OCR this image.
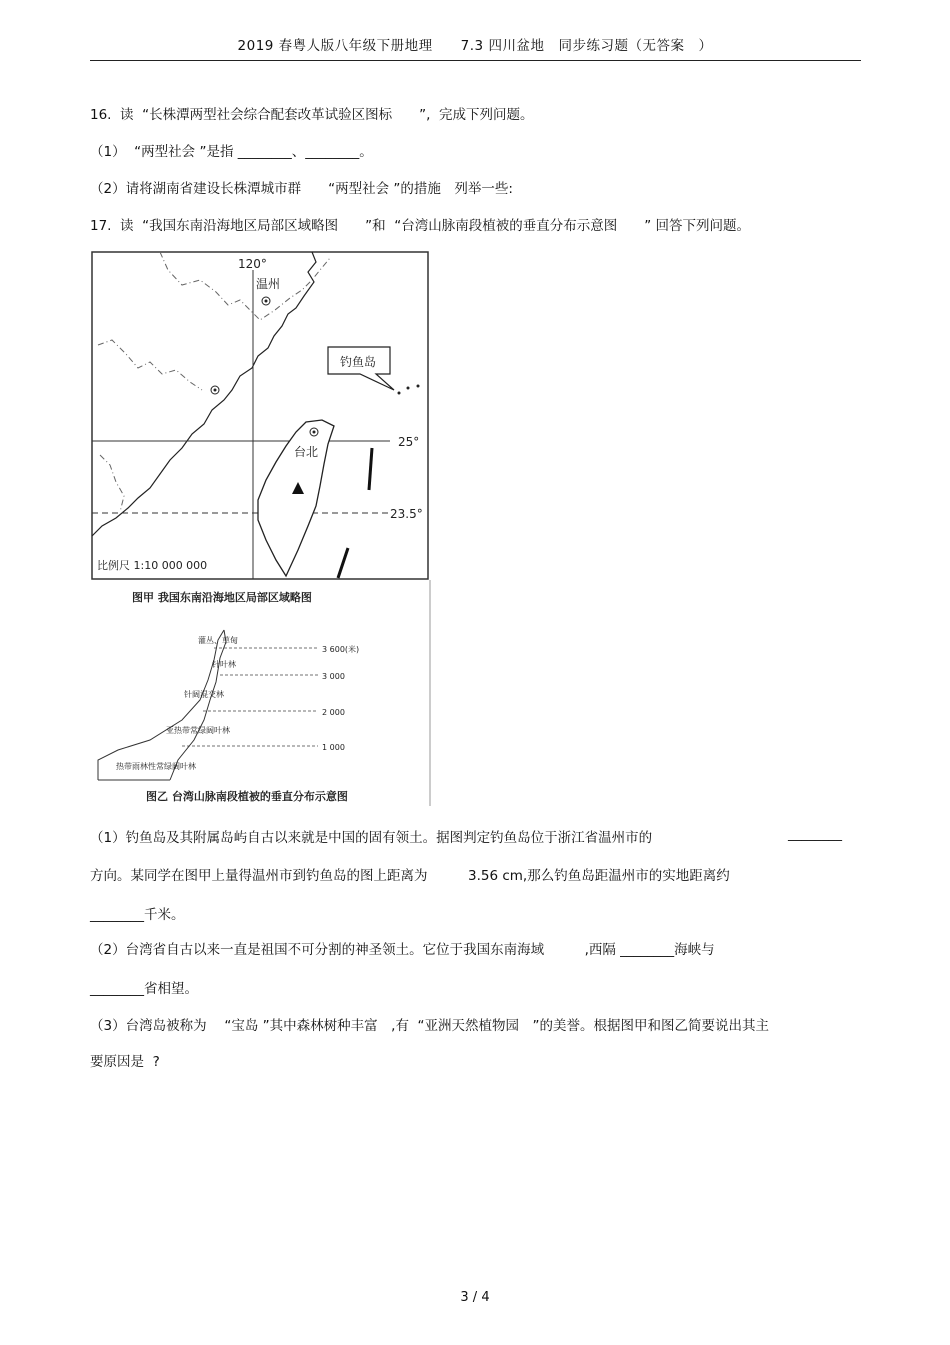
2019 春粤人版八年级下册地理　　7.3 四川盆地　同步练习题（无答案　）
16.  读  “长株潭两型社会综合配套改革试验区图标　　”,  完成下列问题。
（1）  “两型社会 ”是指 ________、________。
（2）请将湖南省建设长株潭城市群　　“两型社会 ”的措施　列举一些:
17.  读  “我国东南沿海地区局部区域略图　　”和  “台湾山脉南段植被的垂直分布示意图　　” 回答下列问题。
120°
25°
23.5°
温州
钓鱼岛
台北
比例尺 1:10 000 000
图甲 我国东南沿海地区局部区域略图
3 600(米)
3 000
2 000
1 000
灌丛、草甸
针叶林
针阔混交林
亚热带常绿阔叶林
热带雨林性常绿阔叶林
图乙 台湾山脉南段植被的垂直分布示意图
（1）钓鱼岛及其附属岛屿自古以来就是中国的固有领土。据图判定钓鱼岛位于浙江省温州市的	________
方向。某同学在图甲上量得温州市到钓鱼岛的图上距离为　　　3.56 cm,那么钓鱼岛距温州市的实地距离约
________千米。
（2）台湾省自古以来一直是祖国不可分割的神圣领土。它位于我国东南海域　　　,西隔 ________海峡与
________省相望。
（3）台湾岛被称为　 “宝岛 ”其中森林树种丰富　,有  “亚洲天然植物园　”的美誉。根据图甲和图乙简要说出其主
要原因是  ?
3 / 4
